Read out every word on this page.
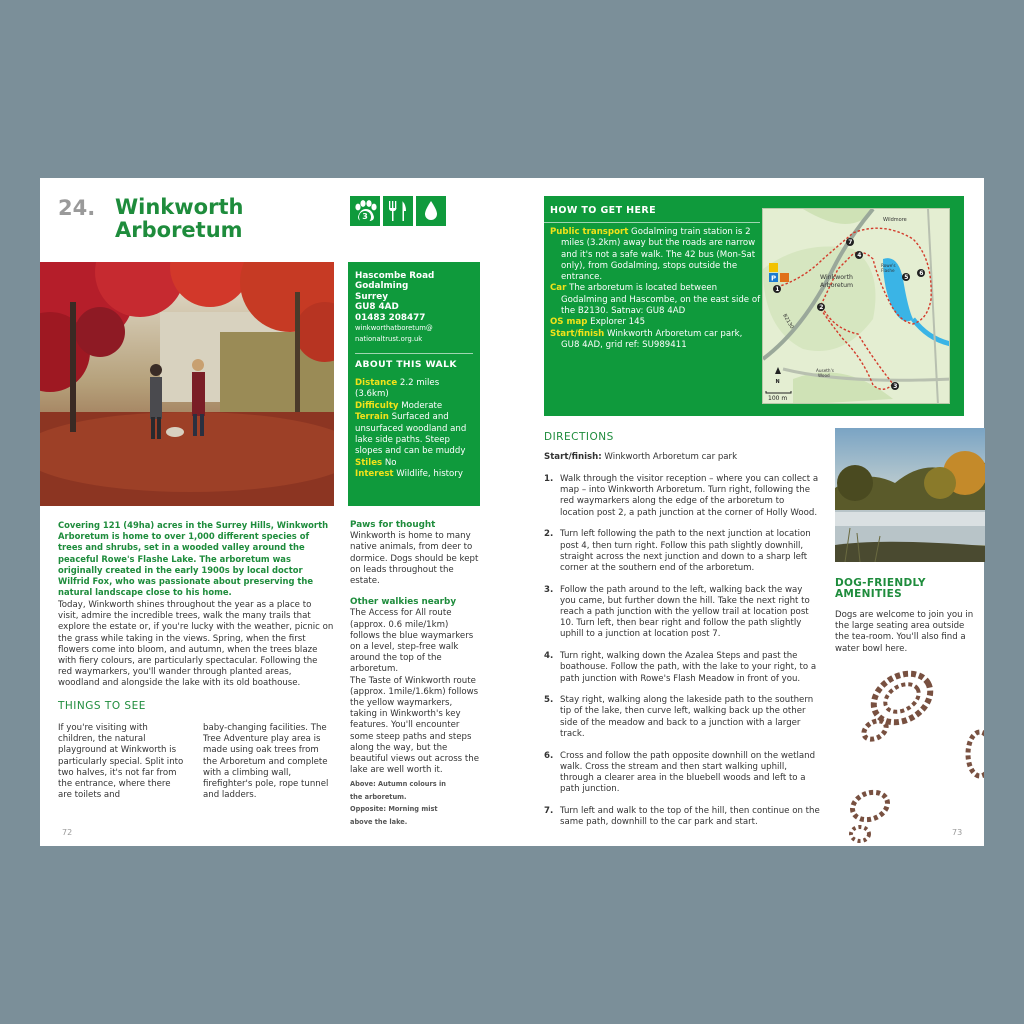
24. Winkworth
Arboretum
3
Hascombe Road
Godalming
Surrey
GU8 4AD
01483 208477
winkworthatboretum@
nationaltrust.org.uk
ABOUT THIS WALK
Distance 2.2 miles (3.6km)
Difficulty Moderate
Terrain Surfaced and unsurfaced woodland and lake side paths. Steep slopes and can be muddy
Stiles No
Interest Wildlife, history
Covering 121 (49ha) acres in the Surrey Hills, Winkworth Arboretum is home to over 1,000 different species of trees and shrubs, set in a wooded valley around the peaceful Rowe's Flashe Lake. The arboretum was originally created in the early 1900s by local doctor Wilfrid Fox, who was passionate about preserving the natural landscape close to his home.
Today, Winkworth shines throughout the year as a place to visit, admire the incredible trees, walk the many trails that explore the estate or, if you're lucky with the weather, picnic on the grass while taking in the views. Spring, when the first flowers come into bloom, and autumn, when the trees blaze with fiery colours, are particularly spectacular. Following the red waymarkers, you'll wander through planted areas, woodland and alongside the lake with its old boathouse.
THINGS TO SEE
If you're visiting with children, the natural playground at Winkworth is particularly special. Split into two halves, it's not far from the entrance, where there are toilets and
baby-changing facilities. The Tree Adventure play area is made using oak trees from the Arboretum and complete with a climbing wall, firefighter's pole, rope tunnel and ladders.
Paws for thought
Winkworth is home to many native animals, from deer to dormice. Dogs should be kept on leads throughout the estate.
Other walkies nearby
The Access for All route (approx. 0.6 mile/1km) follows the blue waymarkers on a level, step-free walk around the top of the arboretum.
The Taste of Winkworth route (approx. 1mile/1.6km) follows the yellow waymarkers, taking in Winkworth's key features. You'll encounter some steep paths and steps along the way, but the beautiful views out across the lake are well worth it.
Above: Autumn colours in
the arboretum.
Opposite: Morning mist
above the lake.
72
HOW TO GET HERE
Public transport Godalming train station is 2 miles (3.2km) away but the roads are narrow and it's not a safe walk. The 42 bus (Mon-Sat only), from Godalming, stops outside the entrance.
Car The arboretum is located between Godalming and Hascombe, on the east side of the B2130. Satnav: GU8 4AD
OS map Explorer 145
Start/finish Winkworth Arboretum car park, GU8 4AD, grid ref: SU989411
P
1
2
3
4
5
6
7
Wildmore
Winkworth
Arboretum
Rowe's
Flashe
B2130
Auseth's
Wood
N
100 m
DIRECTIONS
Start/finish: Winkworth Arboretum car park
1. Walk through the visitor reception – where you can collect a map – into Winkworth Arboretum. Turn right, following the red waymarkers along the edge of the arboretum to location post 2, a path junction at the corner of Holly Wood.
2. Turn left following the path to the next junction at location post 4, then turn right. Follow this path slightly downhill, straight across the next junction and down to a sharp left corner at the southern end of the arboretum.
3. Follow the path around to the left, walking back the way you came, but further down the hill. Take the next right to reach a path junction with the yellow trail at location post 10. Turn left, then bear right and follow the path slightly uphill to a junction at location post 7.
4. Turn right, walking down the Azalea Steps and past the boathouse. Follow the path, with the lake to your right, to a path junction with Rowe's Flash Meadow in front of you.
5. Stay right, walking along the lakeside path to the southern tip of the lake, then curve left, walking back up the other side of the meadow and back to a junction with a larger track.
6. Cross and follow the path opposite downhill on the wetland walk. Cross the stream and then start walking uphill, through a clearer area in the bluebell woods and left to a path junction.
7. Turn left and walk to the top of the hill, then continue on the same path, downhill to the car park and start.
DOG-FRIENDLY
AMENITIES
Dogs are welcome to join you in the large seating area outside the tea-room. You'll also find a water bowl here.
73
